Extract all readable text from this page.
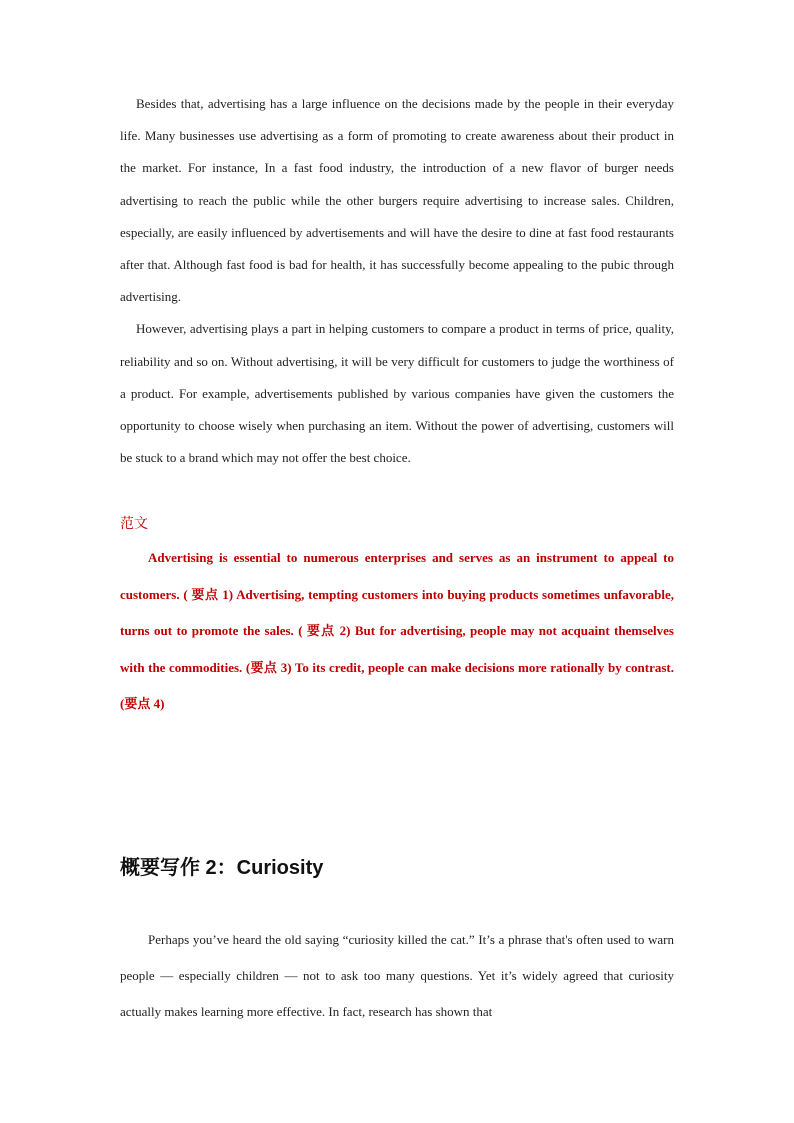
Besides that, advertising has a large influence on the decisions made by the people in their everyday life. Many businesses use advertising as a form of promoting to create awareness about their product in the market. For instance, In a fast food industry, the introduction of a new flavor of burger needs advertising to reach the public while the other burgers require advertising to increase sales. Children, especially, are easily influenced by advertisements and will have the desire to dine at fast food restaurants after that. Although fast food is bad for health, it has successfully become appealing to the pubic through advertising.

However, advertising plays a part in helping customers to compare a product in terms of price, quality, reliability and so on. Without advertising, it will be very difficult for customers to judge the worthiness of a product. For example, advertisements published by various companies have given the customers the opportunity to choose wisely when purchasing an item. Without the power of advertising, customers will be stuck to a brand which may not offer the best choice.

范文

Advertising is essential to numerous enterprises and serves as an instrument to appeal to customers. ( 要点 1) Advertising, tempting customers into buying products sometimes unfavorable, turns out to promote the sales. ( 要点 2) But for advertising, people may not acquaint themselves with the commodities. (要点 3) To its credit, people can make decisions more rationally by contrast.(要点 4)

概要写作 2：Curiosity

Perhaps you’ve heard the old saying “curiosity killed the cat.” It’s a phrase that's often used to warn people — especially children — not to ask too many questions. Yet it’s widely agreed that curiosity actually makes learning more effective. In fact, research has shown that
